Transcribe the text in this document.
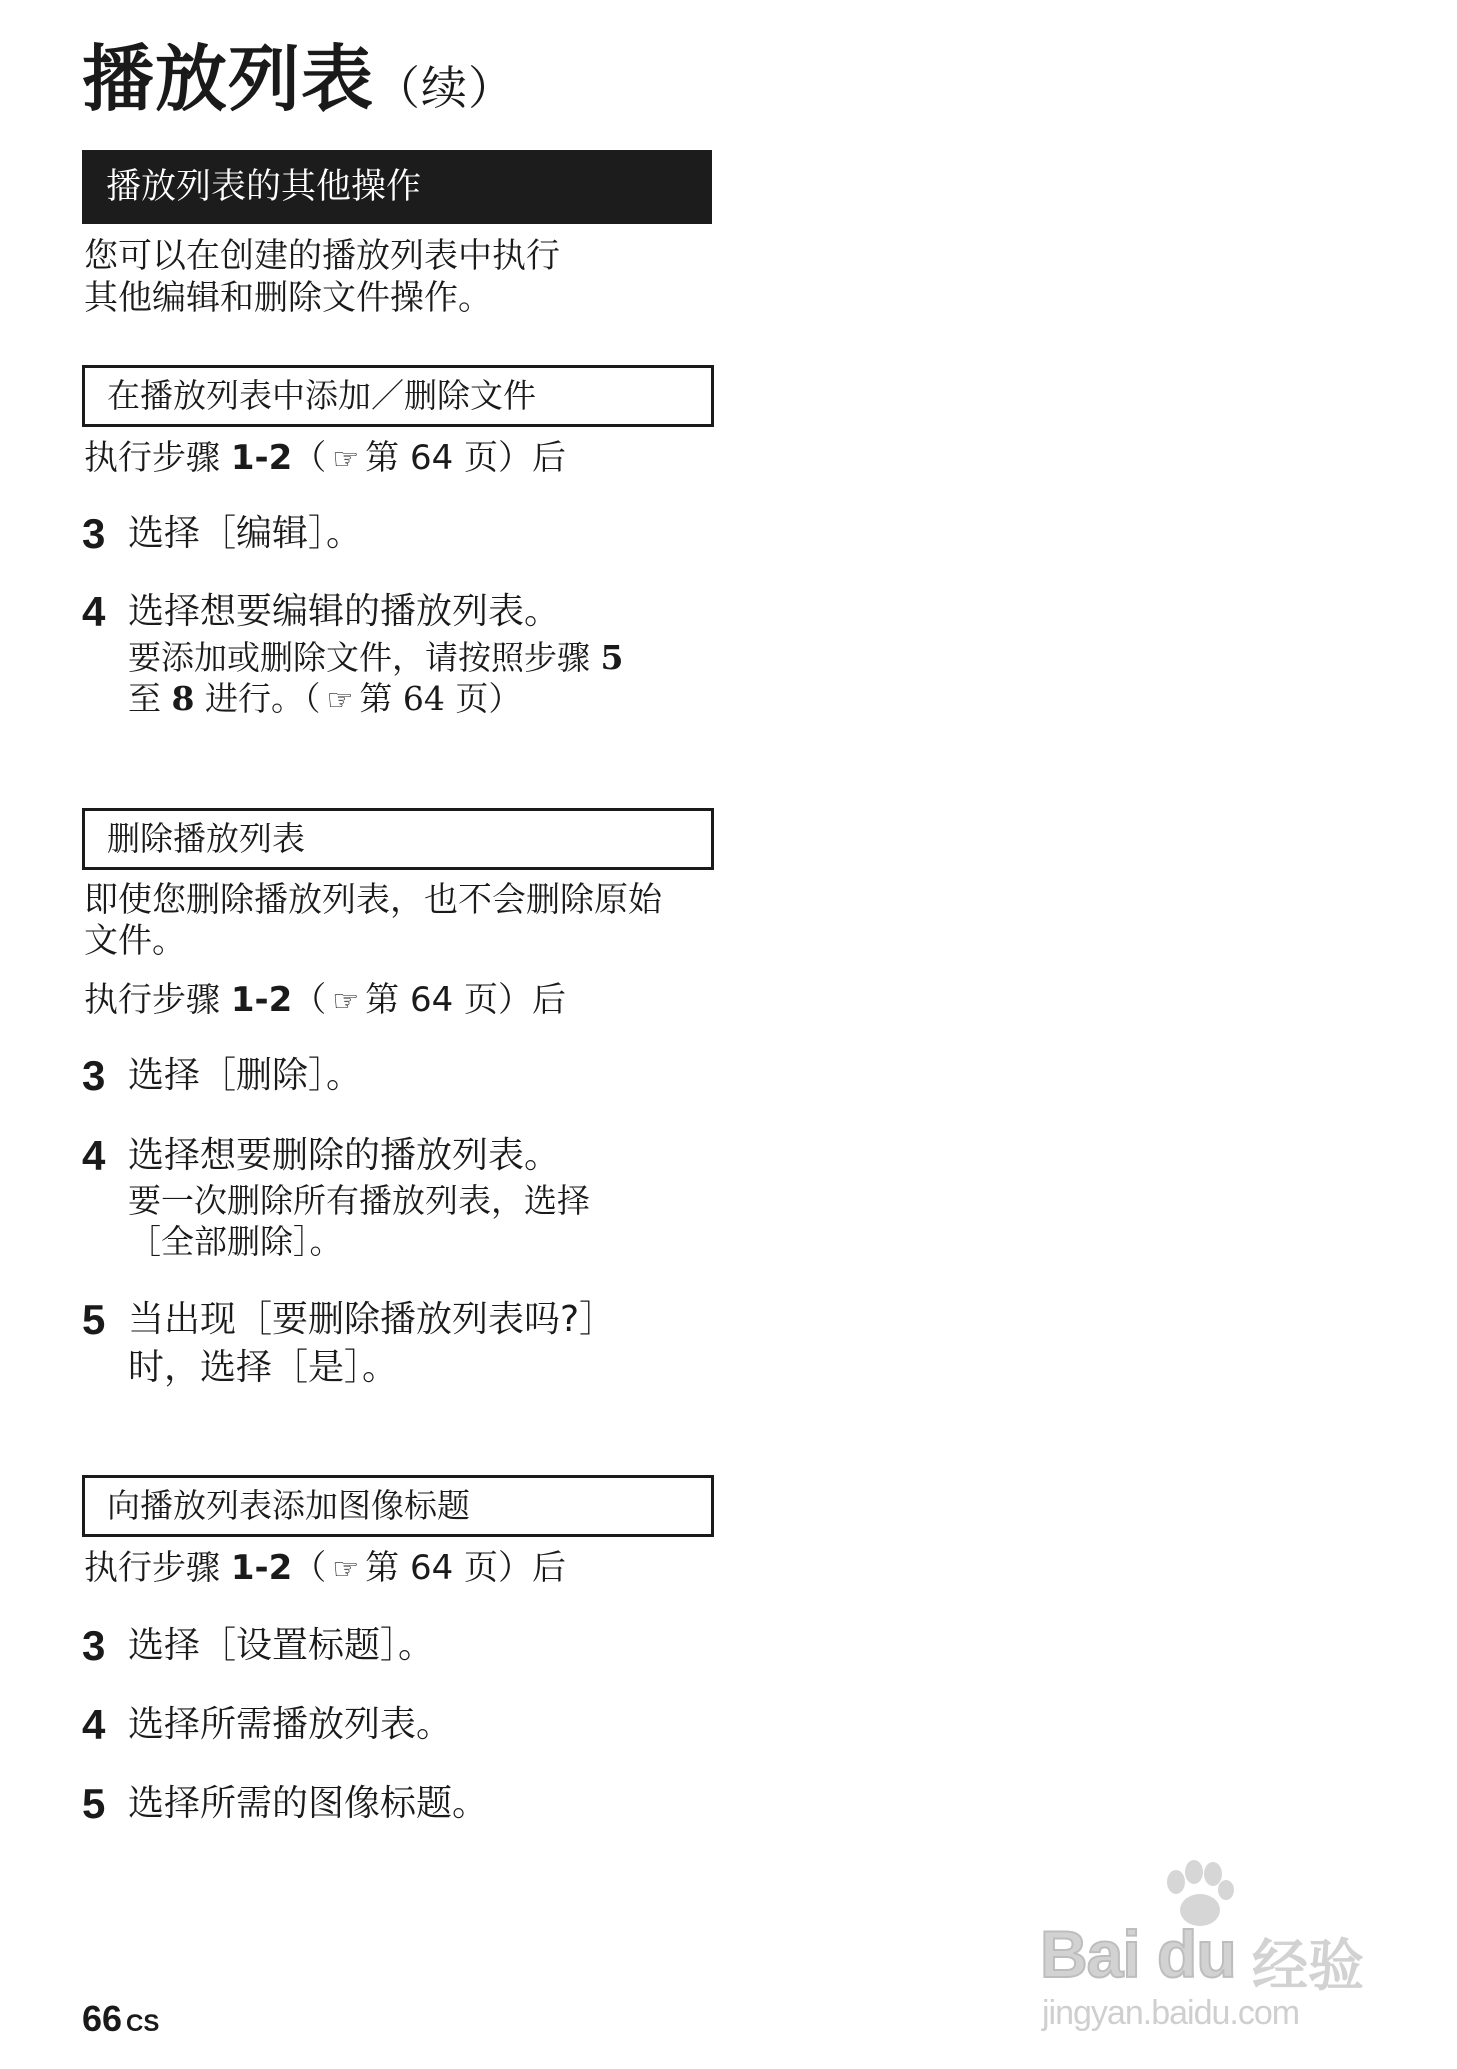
播放列表（续）
播放列表的其他操作

您可以在创建的播放列表中执行
其他编辑和删除文件操作。

在播放列表中添加／删除文件
执行步骤 1-2（ ☞ 第 64 页）后
3 选择［编辑］。
4 选择想要编辑的播放列表。
要添加或删除文件，请按照步骤 5
至 8 进行。（ ☞ 第 64 页）
删除播放列表
即使您删除播放列表，也不会删除原始
文件。
执行步骤 1-2（ ☞ 第 64 页）后
3 选择［删除］。
4 选择想要删除的播放列表。
要一次删除所有播放列表，选择
［全部删除］。
5 当出现［要删除播放列表吗?］
时，选择［是］。
向播放列表添加图像标题
执行步骤 1-2（ ☞ 第 64 页）后
3 选择［设置标题］。
4 选择所需播放列表。
5 选择所需的图像标题。
66 CS
Bai du 经验
jingyan.baidu.com
